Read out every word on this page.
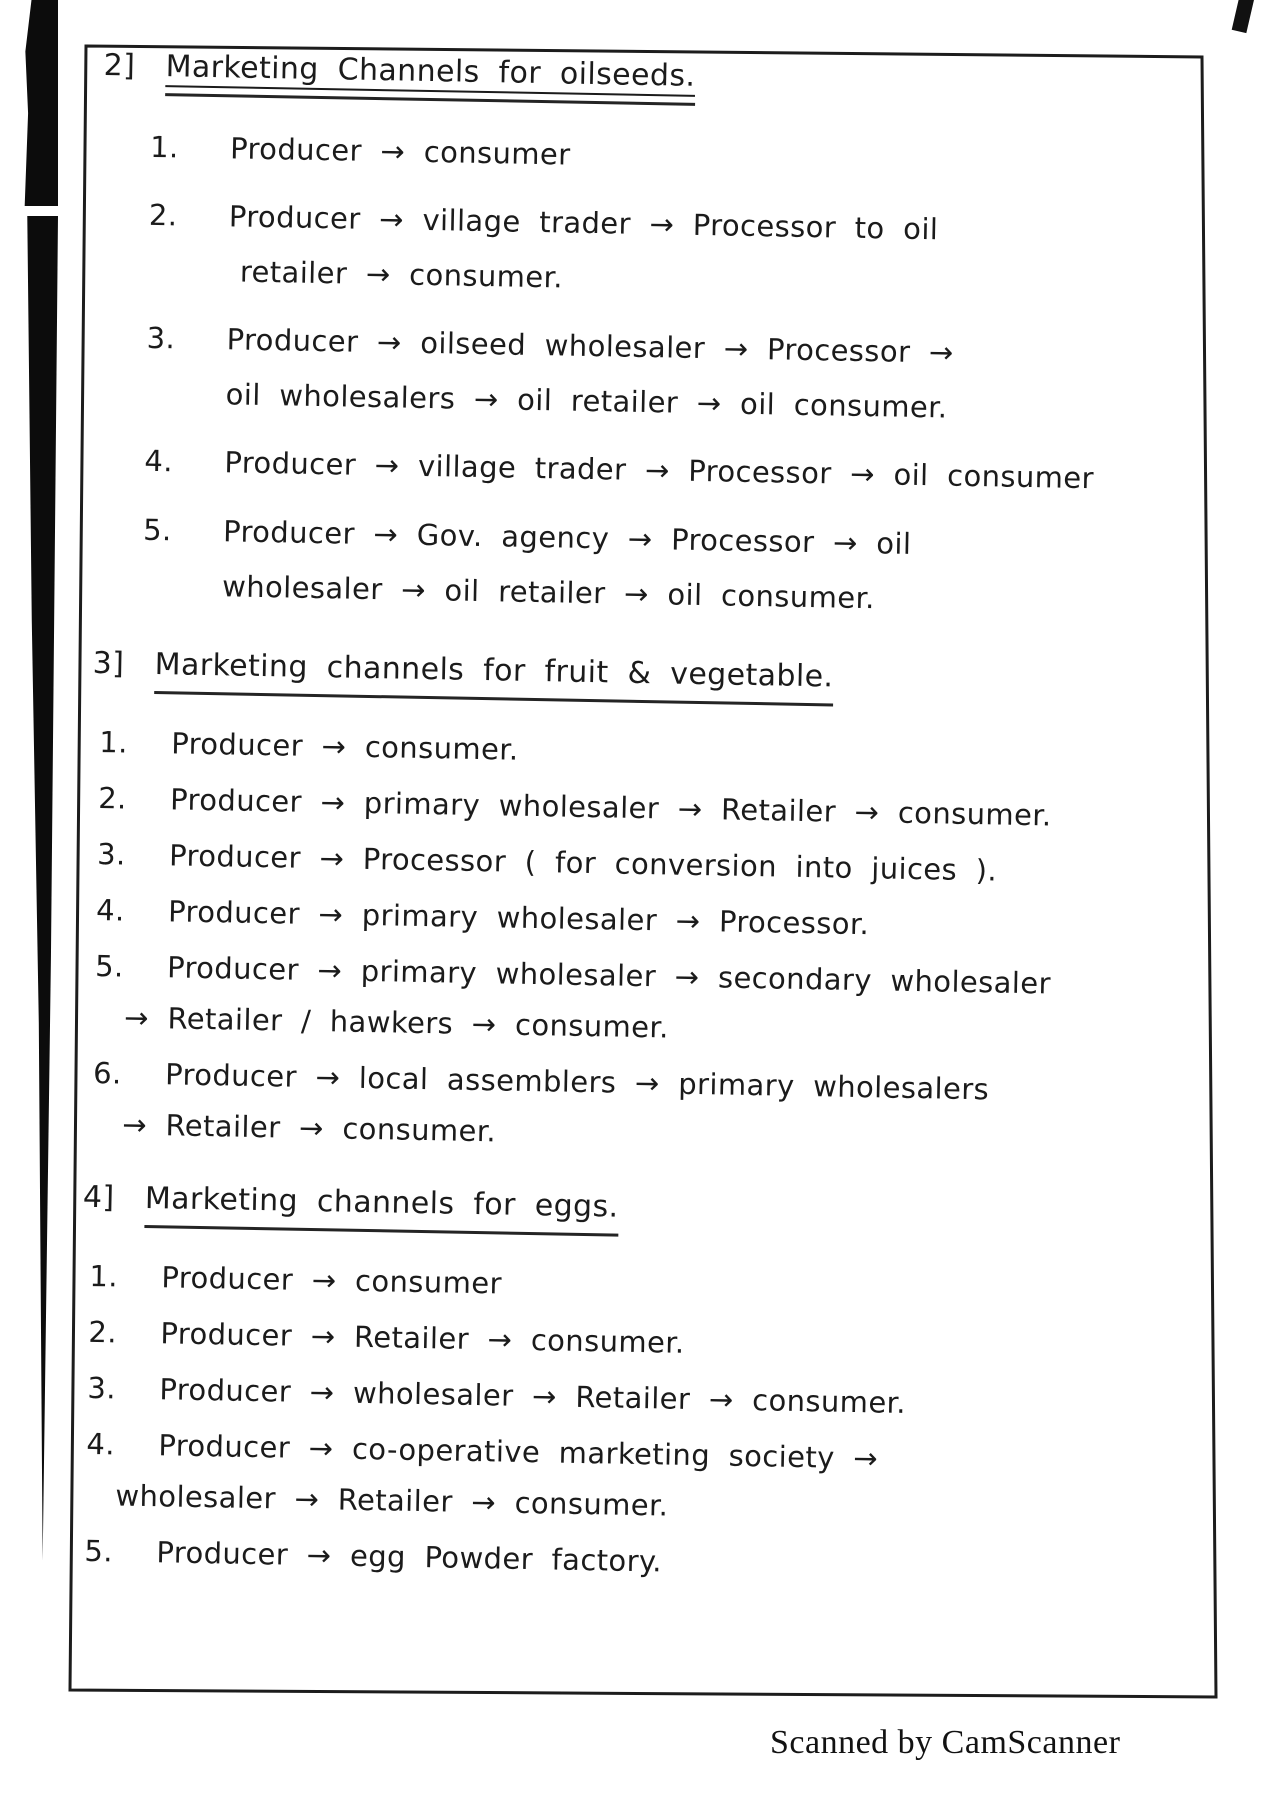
2] Marketing Channels for oilseeds.
1.	Producer → consumer
2.	Producer → village trader → Processor to oil
retailer → consumer.
3.	Producer → oilseed wholesaler → Processor →
oil wholesalers → oil retailer → oil consumer.
4.	Producer → village trader → Processor → oil consumer
5.	Producer → Gov. agency → Processor → oil
wholesaler → oil retailer → oil consumer.
3] Marketing channels for fruit & vegetable.
1.	Producer → consumer.
2.	Producer → primary wholesaler → Retailer → consumer.
3.	Producer → Processor ( for conversion into juices ).
4.	Producer → primary wholesaler → Processor.
5.	Producer → primary wholesaler → secondary wholesaler
→ Retailer / hawkers → consumer.
6.	Producer → local assemblers → primary wholesalers
→ Retailer → consumer.
4] Marketing channels for eggs.
1.	Producer → consumer
2.	Producer → Retailer → consumer.
3.	Producer → wholesaler → Retailer → consumer.
4.	Producer → co-operative marketing society →
wholesaler → Retailer → consumer.
5.	Producer → egg Powder factory.
Scanned by CamScanner
